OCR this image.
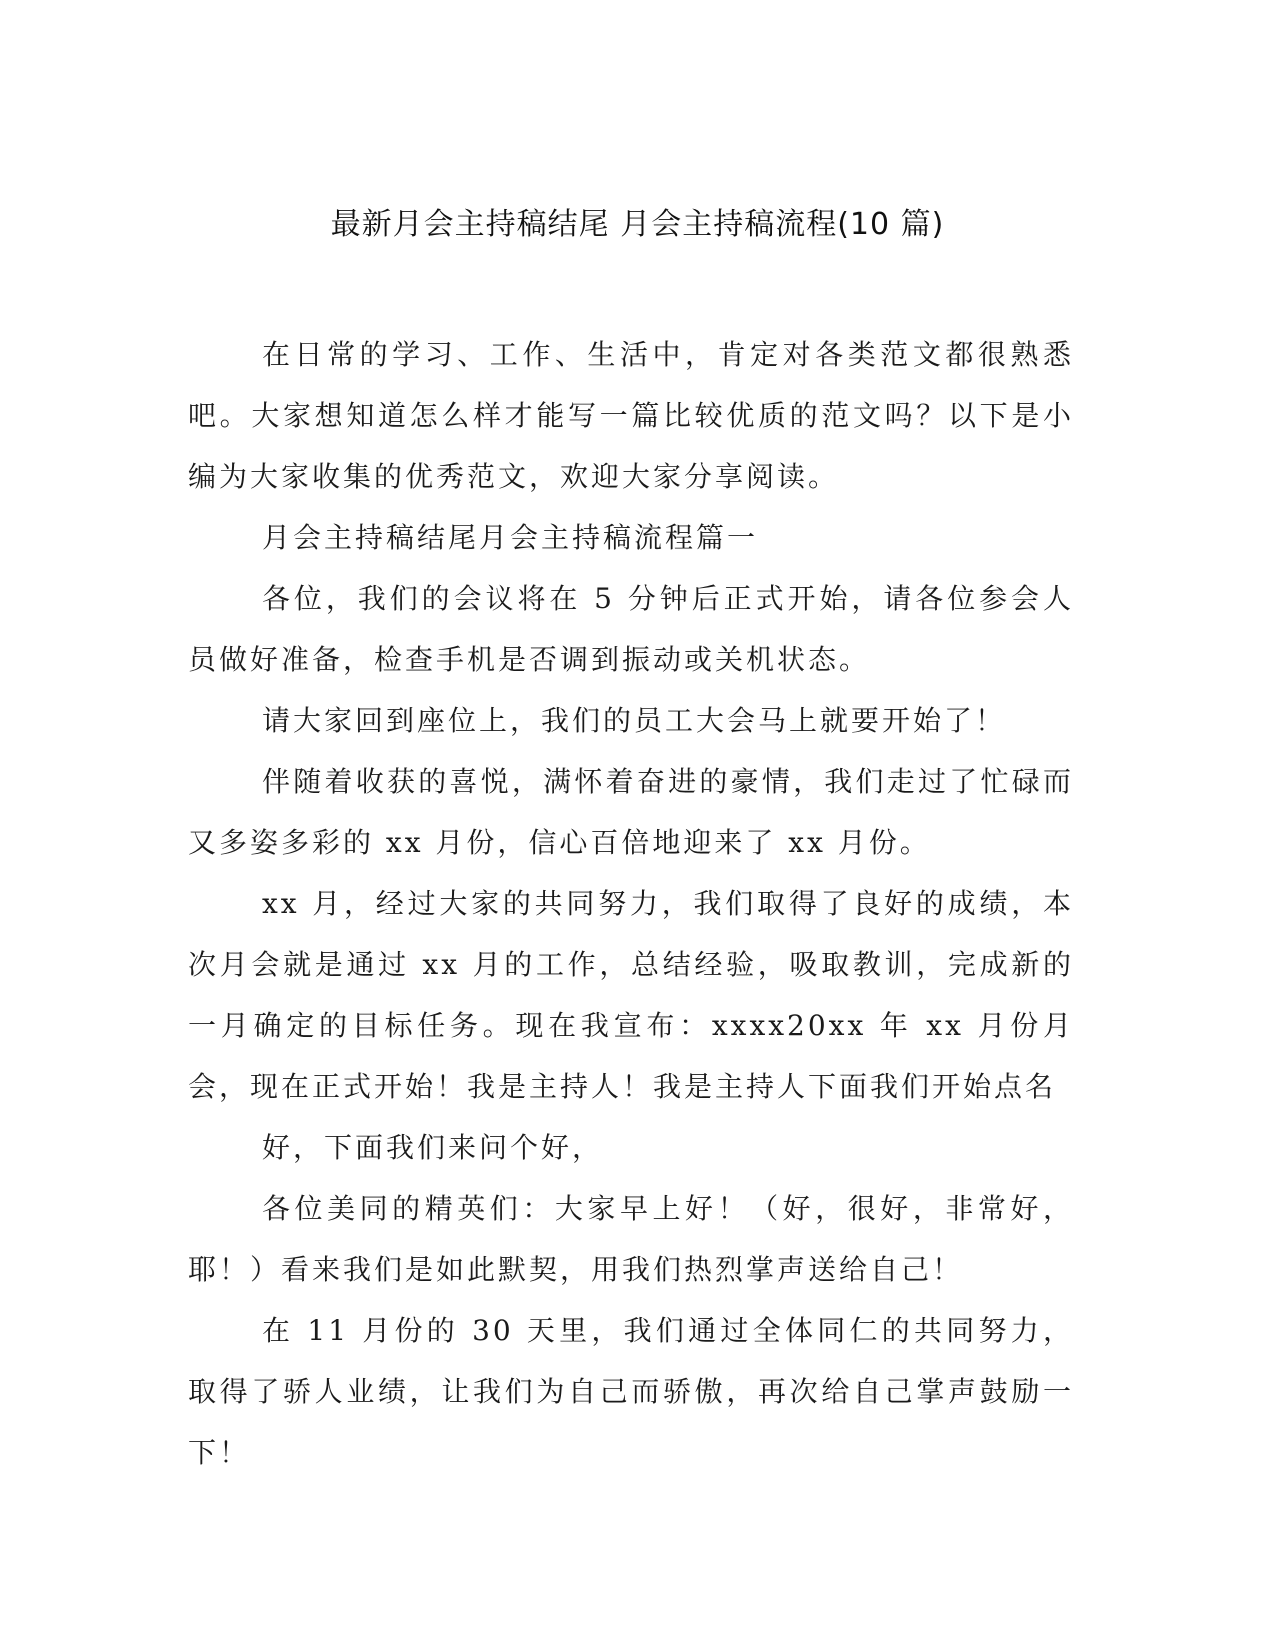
最新月会主持稿结尾 月会主持稿流程(10 篇)

在日常的学习、工作、生活中，肯定对各类范文都很熟悉吧。大家想知道怎么样才能写一篇比较优质的范文吗？以下是小编为大家收集的优秀范文，欢迎大家分享阅读。

月会主持稿结尾月会主持稿流程篇一

各位，我们的会议将在 5 分钟后正式开始，请各位参会人员做好准备，检查手机是否调到振动或关机状态。

请大家回到座位上，我们的员工大会马上就要开始了！

伴随着收获的喜悦，满怀着奋进的豪情，我们走过了忙碌而又多姿多彩的 xx 月份，信心百倍地迎来了 xx 月份。

xx 月，经过大家的共同努力，我们取得了良好的成绩，本次月会就是通过 xx 月的工作，总结经验，吸取教训，完成新的一月确定的目标任务。现在我宣布：xxxx20xx 年 xx 月份月会，现在正式开始！我是主持人！我是主持人下面我们开始点名

好，下面我们来问个好，

各位美同的精英们：大家早上好！（好，很好，非常好，耶！）看来我们是如此默契，用我们热烈掌声送给自己！

在 11 月份的 30 天里，我们通过全体同仁的共同努力，取得了骄人业绩，让我们为自己而骄傲，再次给自己掌声鼓励一下！
